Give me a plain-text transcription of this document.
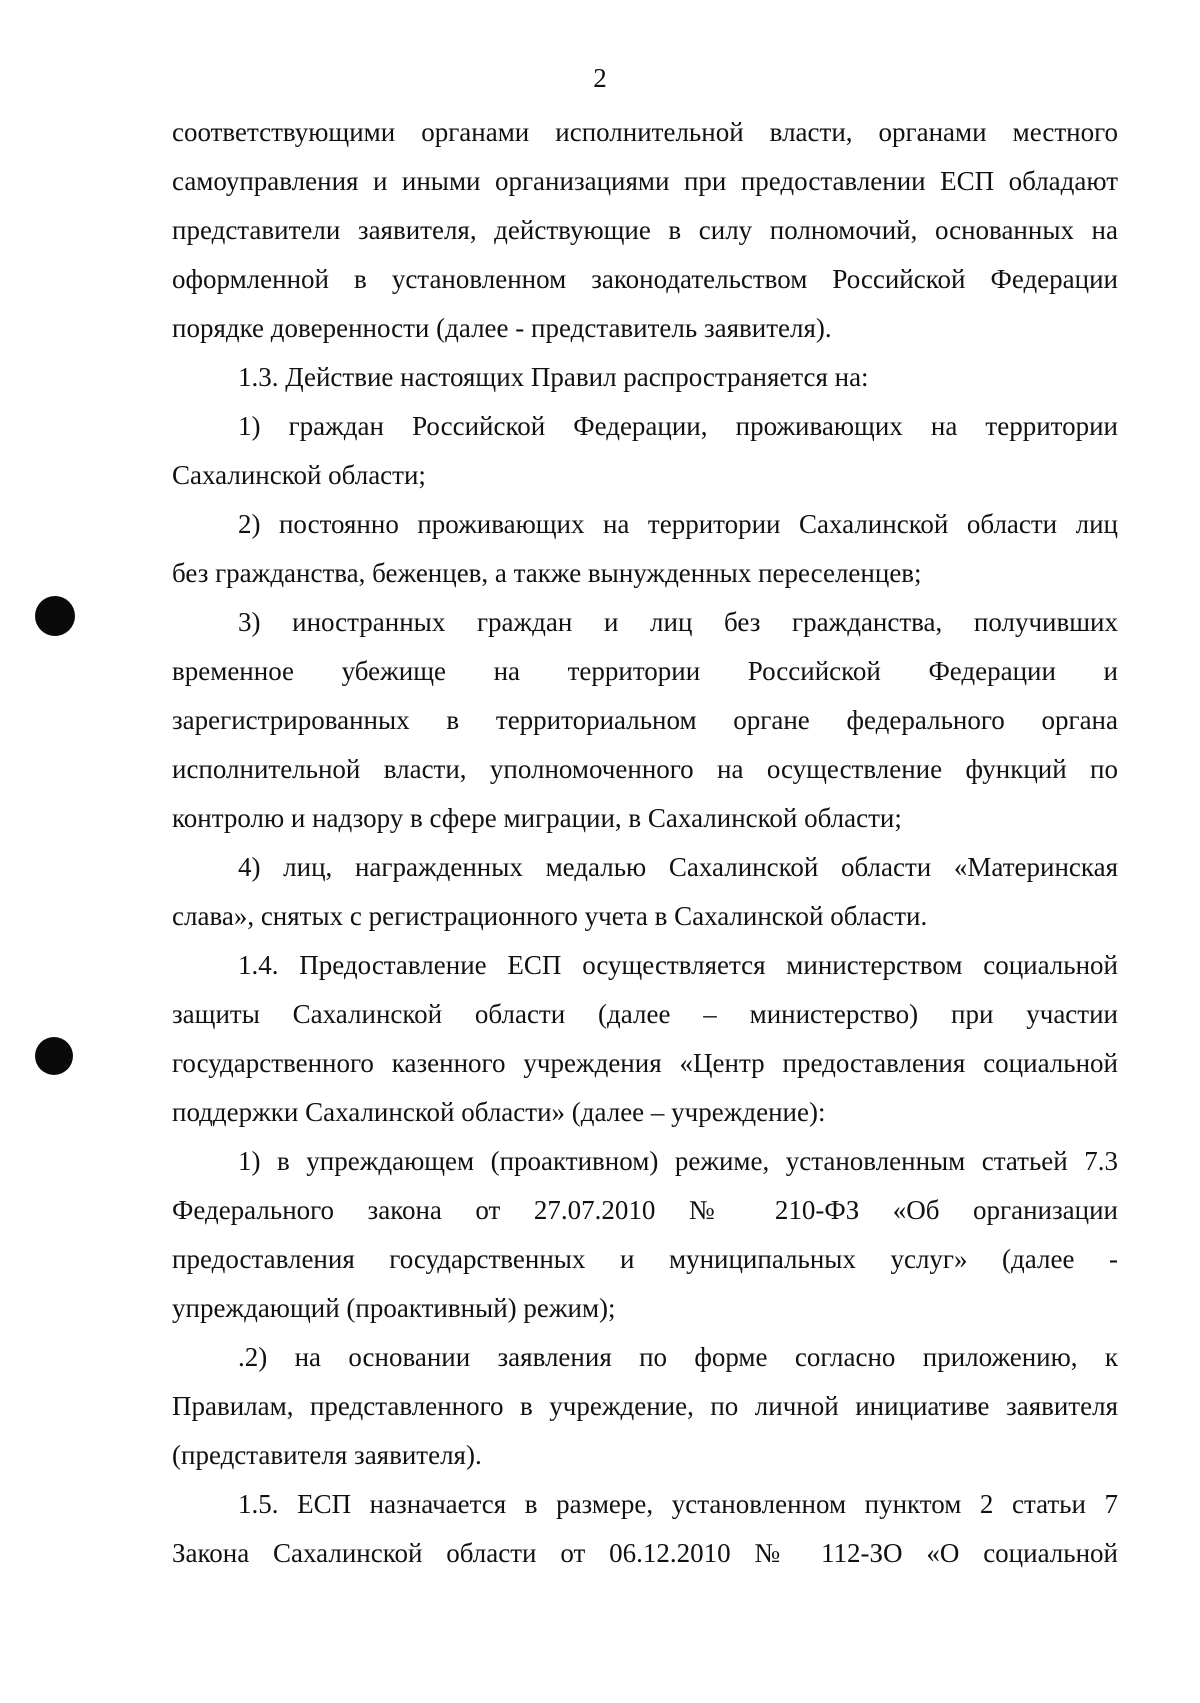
2

соответствующими органами исполнительной власти, органами местного

самоуправления и иными организациями при предоставлении ЕСП обладают

представители заявителя, действующие в силу полномочий, основанных на

оформленной в установленном законодательством Российской Федерации

порядке доверенности (далее - представитель заявителя).

1.3. Действие настоящих Правил распространяется на:

1) граждан Российской Федерации, проживающих на территории

Сахалинской области;

2) постоянно проживающих на территории Сахалинской области лиц

без гражданства, беженцев, а также вынужденных переселенцев;

3) иностранных граждан и лиц без гражданства, получивших

временное убежище на территории Российской Федерации и

зарегистрированных в территориальном органе федерального органа

исполнительной власти, уполномоченного на осуществление функций по

контролю и надзору в сфере миграции, в Сахалинской области;

4) лиц, награжденных медалью Сахалинской области «Материнская

слава», снятых с регистрационного учета в Сахалинской области.

1.4. Предоставление ЕСП осуществляется министерством социальной

защиты Сахалинской области (далее – министерство) при участии

государственного казенного учреждения «Центр предоставления социальной

поддержки Сахалинской области» (далее – учреждение):

1) в упреждающем (проактивном) режиме, установленным статьей 7.3

Федерального закона от 27.07.2010 № 210-ФЗ «Об организации

предоставления государственных и муниципальных услуг» (далее -

упреждающий (проактивный) режим);

.2) на основании заявления по форме согласно приложению, к

Правилам, представленного в учреждение, по личной инициативе заявителя

(представителя заявителя).

1.5. ЕСП назначается в размере, установленном пунктом 2 статьи 7

Закона Сахалинской области от 06.12.2010 № 112-ЗО «О социальной
